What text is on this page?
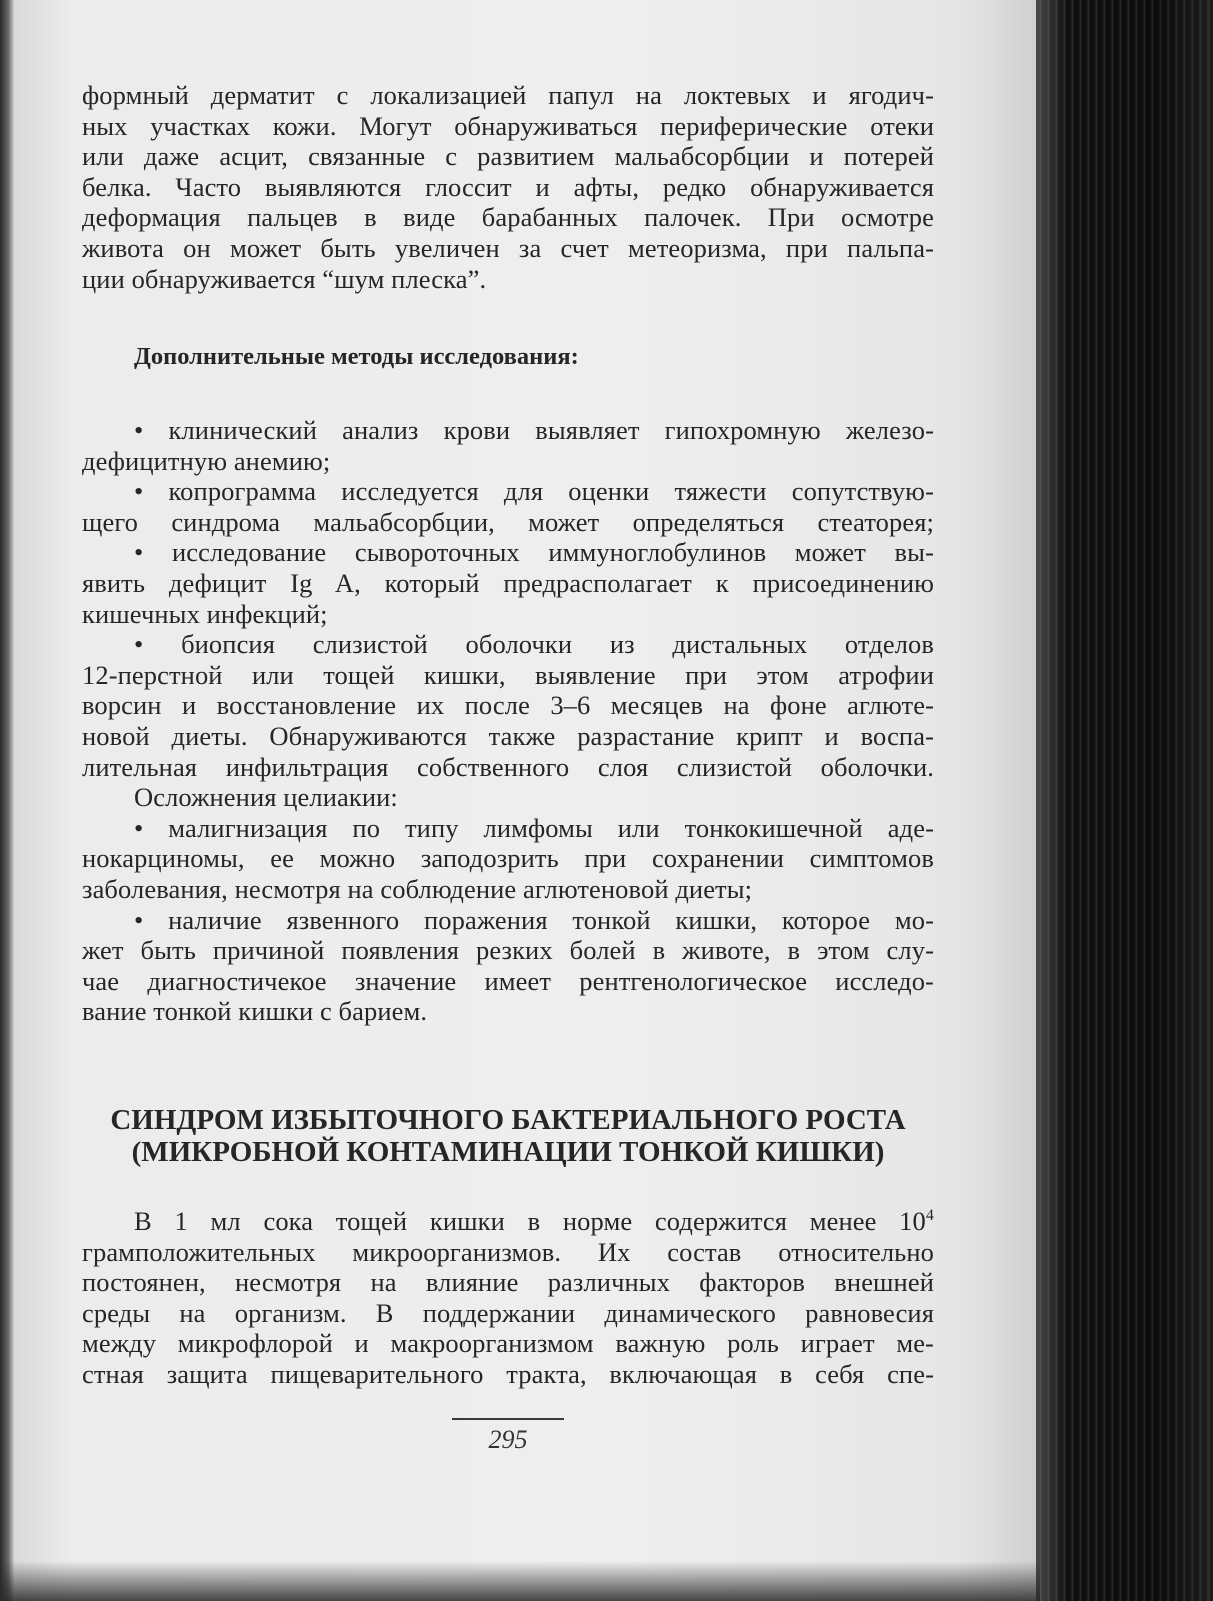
формный дерматит с локализацией папул на локтевых и ягодич-
ных участках кожи. Могут обнаруживаться периферические отеки
или даже асцит, связанные с развитием мальабсорбции и потерей
белка. Часто выявляются глоссит и афты, редко обнаруживается
деформация пальцев в виде барабанных палочек. При осмотре
живота он может быть увеличен за счет метеоризма, при пальпа-
ции обнаруживается “шум плеска”.
Дополнительные методы исследования:
• клинический анализ крови выявляет гипохромную железо-
дефицитную анемию;
• копрограмма исследуется для оценки тяжести сопутствую-
щего синдрома мальабсорбции, может определяться стеаторея;
• исследование сывороточных иммуноглобулинов может вы-
явить дефицит Ig A, который предрасполагает к присоединению
кишечных инфекций;
• биопсия слизистой оболочки из дистальных отделов
12-перстной или тощей кишки, выявление при этом атрофии
ворсин и восстановление их после 3–6 месяцев на фоне аглюте-
новой диеты. Обнаруживаются также разрастание крипт и воспа-
лительная инфильтрация собственного слоя слизистой оболочки.
Осложнения целиакии:
• малигнизация по типу лимфомы или тонкокишечной аде-
нокарциномы, ее можно заподозрить при сохранении симптомов
заболевания, несмотря на соблюдение аглютеновой диеты;
• наличие язвенного поражения тонкой кишки, которое мо-
жет быть причиной появления резких болей в животе, в этом слу-
чае диагностичекое значение имеет рентгенологическое исследо-
вание тонкой кишки с барием.
СИНДРОМ ИЗБЫТОЧНОГО БАКТЕРИАЛЬНОГО РОСТА
(МИКРОБНОЙ КОНТАМИНАЦИИ ТОНКОЙ КИШКИ)
В 1 мл сока тощей кишки в норме содержится менее $10^4$
грамположительных микроорганизмов. Их состав относительно
постоянен, несмотря на влияние различных факторов внешней
среды на организм. В поддержании динамического равновесия
между микрофлорой и макроорганизмом важную роль играет ме-
стная защита пищеварительного тракта, включающая в себя спе-
295
